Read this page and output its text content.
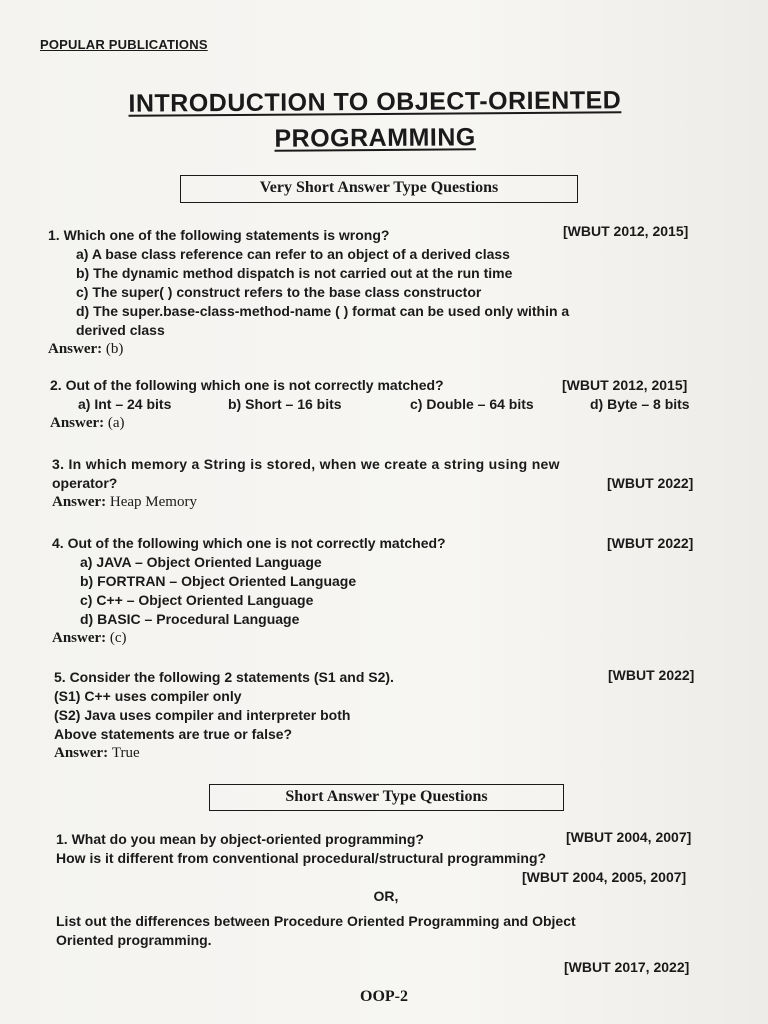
POPULAR PUBLICATIONS
INTRODUCTION TO OBJECT-ORIENTED
PROGRAMMING
Very Short Answer Type Questions
1. Which one of the following statements is wrong?	[WBUT 2012, 2015]
a) A base class reference can refer to an object of a derived class
b) The dynamic method dispatch is not carried out at the run time
c) The super( ) construct refers to the base class constructor
d) The super.base-class-method-name ( ) format can be used only within a
derived class
Answer: (b)
2. Out of the following which one is not correctly matched?	[WBUT 2012, 2015]
a) Int – 24 bits	b) Short – 16 bits	c) Double – 64 bits	d) Byte – 8 bits
Answer: (a)
3. In which memory a String is stored, when we create a string using new
operator?	[WBUT 2022]
Answer: Heap Memory
4. Out of the following which one is not correctly matched?	[WBUT 2022]
a) JAVA – Object Oriented Language
b) FORTRAN – Object Oriented Language
c) C++ – Object Oriented Language
d) BASIC – Procedural Language
Answer: (c)
5. Consider the following 2 statements (S1 and S2).	[WBUT 2022]
(S1) C++ uses compiler only
(S2) Java uses compiler and interpreter both
Above statements are true or false?
Answer: True
Short Answer Type Questions
1. What do you mean by object-oriented programming?	[WBUT 2004, 2007]
How is it different from conventional procedural/structural programming?
[WBUT 2004, 2005, 2007]
OR,
List out the differences between Procedure Oriented Programming and Object
Oriented programming.
[WBUT 2017, 2022]
OOP-2
